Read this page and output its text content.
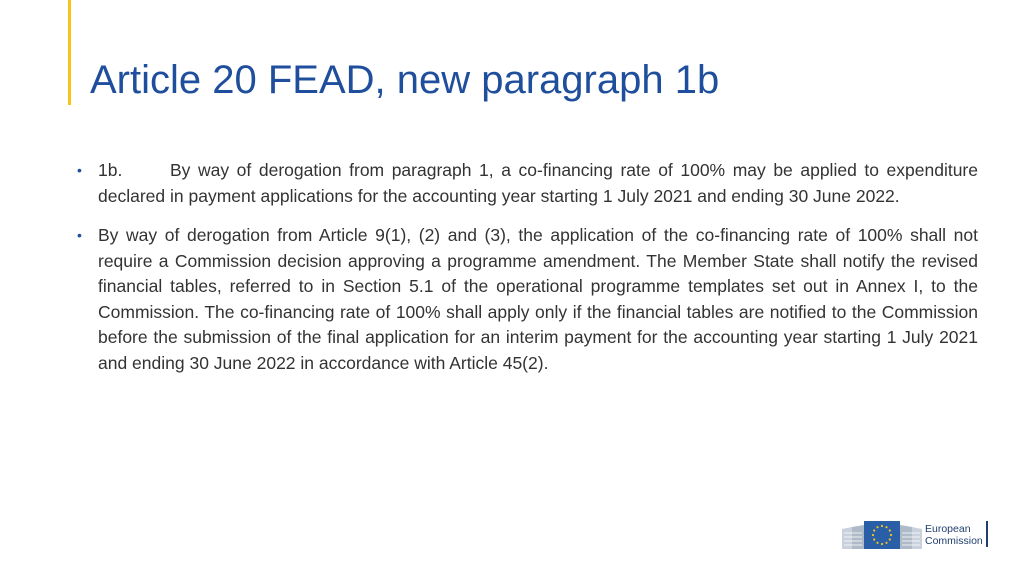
Article 20 FEAD, new paragraph 1b
• 1b.	By way of derogation from paragraph 1, a co-financing rate of 100% may be applied to expenditure declared in payment applications for the accounting year starting 1 July 2021 and ending 30 June 2022.
• By way of derogation from Article 9(1), (2) and (3), the application of the co-financing rate of 100% shall not require a Commission decision approving a programme amendment. The Member State shall notify the revised financial tables, referred to in Section 5.1 of the operational programme templates set out in Annex I, to the Commission. The co-financing rate of 100% shall apply only if the financial tables are notified to the Commission before the submission of the final application for an interim payment for the accounting year starting 1 July 2021 and ending 30 June 2022 in accordance with Article 45(2).
European
Commission
